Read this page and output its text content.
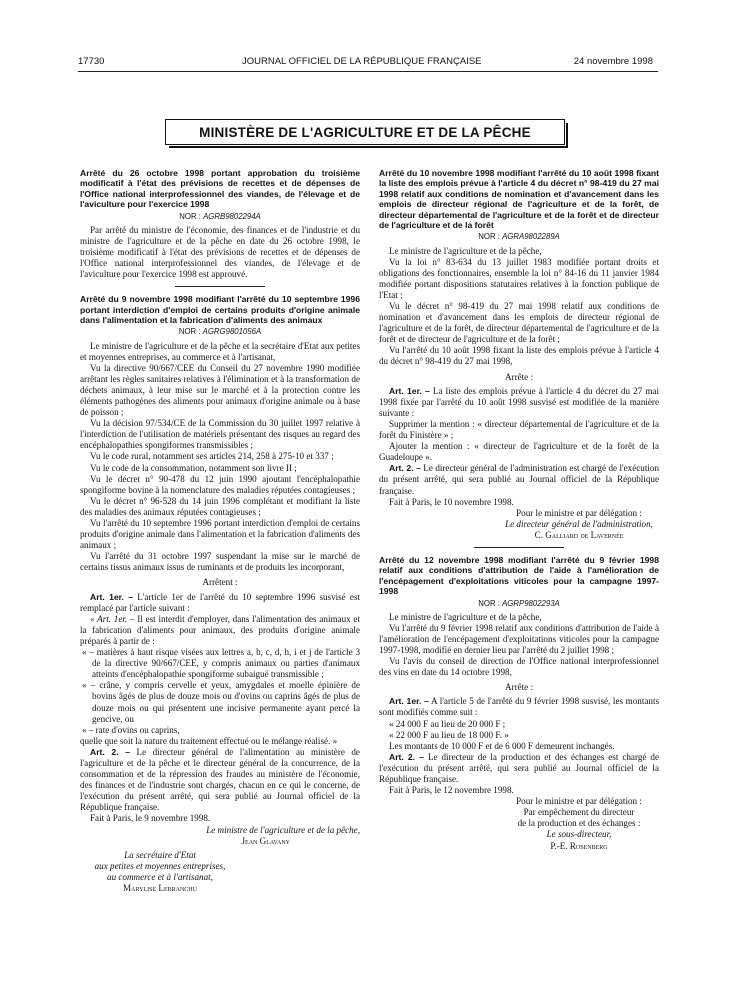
17730	JOURNAL OFFICIEL DE LA RÉPUBLIQUE FRANÇAISE	24 novembre 1998
MINISTÈRE DE L'AGRICULTURE ET DE LA PÊCHE
Arrêté du 26 octobre 1998 portant approbation du troisième modificatif à l'état des prévisions de recettes et de dépenses de l'Office national interprofessionnel des viandes, de l'élevage et de l'aviculture pour l'exercice 1998
NOR : AGRB9802294A

Par arrêté du ministre de l'économie, des finances et de l'industrie et du ministre de l'agriculture et de la pêche en date du 26 octobre 1998, le troisième modificatif à l'état des prévisions de recettes et de dépenses de l'Office national interprofessionnel des viandes, de l'élevage et de l'aviculture pour l'exercice 1998 est approuvé.

Arrêté du 9 novembre 1998 modifiant l'arrêté du 10 septembre 1996 portant interdiction d'emploi de certains produits d'origine animale dans l'alimentation et la fabrication d'aliments des animaux
NOR : AGRG9801056A

Le ministre de l'agriculture et de la pêche et la secrétaire d'Etat aux petites et moyennes entreprises, au commerce et à l'artisanat,

Vu la directive 90/667/CEE du Conseil du 27 novembre 1990 modifiée arrêtant les règles sanitaires relatives à l'élimination et à la transformation de déchets animaux, à leur mise sur le marché et à la protection contre les éléments pathogènes des aliments pour animaux d'origine animale ou à base de poisson ;

Vu la décision 97/534/CE de la Commission du 30 juillet 1997 relative à l'interdiction de l'utilisation de matériels présentant des risques au regard des encéphalopathies spongiformes transmissibles ;

Vu le code rural, notamment ses articles 214, 258 à 275-10 et 337 ;

Vu le code de la consommation, notamment son livre II ;

Vu le décret n° 90-478 du 12 juin 1990 ajoutant l'encéphalopathie spongiforme bovine à la nomenclature des maladies réputées contagieuses ;

Vu le décret n° 96-528 du 14 juin 1996 complétant et modifiant la liste des maladies des animaux réputées contagieuses ;

Vu l'arrêté du 10 septembre 1996 portant interdiction d'emploi de certains produits d'origine animale dans l'alimentation et la fabrication d'aliments des animaux ;

Vu l'arrêté du 31 octobre 1997 suspendant la mise sur le marché de certains tissus animaux issus de ruminants et de produits les incorporant,

Arrêtent :

Art. 1er. – L'article 1er de l'arrêté du 10 septembre 1996 susvisé est remplacé par l'article suivant :

« Art. 1er. – Il est interdit d'employer, dans l'alimentation des animaux et la fabrication d'aliments pour animaux, des produits d'origine animale préparés à partir de :

« – matières à haut risque visées aux lettres a, b, c, d, h, i et j de l'article 3 de la directive 90/667/CEE, y compris animaux ou parties d'animaux atteints d'encéphalopathie spongiforme subaiguë transmissible ;

« – crâne, y compris cervelle et yeux, amygdales et moelle épinière de bovins âgés de plus de douze mois ou d'ovins ou caprins âgés de plus de douze mois ou qui présentent une incisive permanente ayant percé la gencive, ou

« – rate d'ovins ou caprins,

quelle que soit la nature du traitement effectué ou le mélange réalisé. »

Art. 2. – Le directeur général de l'alimentation au ministère de l'agriculture et de la pêche et le directeur général de la concurrence, de la consommation et de la répression des fraudes au ministère de l'économie, des finances et de l'industrie sont chargés, chacun en ce qui le concerne, de l'exécution du présent arrêté, qui sera publié au Journal officiel de la République française.

Fait à Paris, le 9 novembre 1998.

Le ministre de l'agriculture et de la pêche,

Jean Glavany

La secrétaire d'Etat

aux petites et moyennes entreprises,

au commerce et à l'artisanat,

Marylise Lebranchu

Arrêté du 10 novembre 1998 modifiant l'arrêté du 10 août 1998 fixant la liste des emplois prévue à l'article 4 du décret n° 98-419 du 27 mai 1998 relatif aux conditions de nomination et d'avancement dans les emplois de directeur régional de l'agriculture et de la forêt, de directeur départemental de l'agriculture et de la forêt et de directeur de l'agriculture et de la forêt
NOR : AGRA9802289A

Le ministre de l'agriculture et de la pêche,

Vu la loi n° 83-634 du 13 juillet 1983 modifiée portant droits et obligations des fonctionnaires, ensemble la loi n° 84-16 du 11 janvier 1984 modifiée portant dispositions statutaires relatives à la fonction publique de l'Etat ;

Vu le décret n° 98-419 du 27 mai 1998 relatif aux conditions de nomination et d'avancement dans les emplois de directeur régional de l'agriculture et de la forêt, de directeur départemental de l'agriculture et de la forêt et de directeur de l'agriculture et de la forêt ;

Vu l'arrêté du 10 août 1998 fixant la liste des emplois prévue à l'article 4 du décret n° 98-419 du 27 mai 1998,

Arrête :

Art. 1er. – La liste des emplois prévue à l'article 4 du décret du 27 mai 1998 fixée par l'arrêté du 10 août 1998 susvisé est modifiée de la manière suivante :

Supprimer la mention : « directeur départemental de l'agriculture et de la forêt du Finistère » ;

Ajouter la mention : « directeur de l'agriculture et de la forêt de la Guadeloupe ».

Art. 2. – Le directeur général de l'administration est chargé de l'exécution du présent arrêté, qui sera publié au Journal officiel de la République française.

Fait à Paris, le 10 novembre 1998.

Pour le ministre et par délégation :

Le directeur général de l'administration,

C. Galliard de Lavernée

Arrêté du 12 novembre 1998 modifiant l'arrêté du 9 février 1998 relatif aux conditions d'attribution de l'aide à l'amélioration de l'encépagement d'exploitations viticoles pour la campagne 1997-1998
NOR : AGRP9802293A

Le ministre de l'agriculture et de la pêche,

Vu l'arrêté du 9 février 1998 relatif aux conditions d'attribution de l'aide à l'amélioration de l'encépagement d'exploitations viticoles pour la campagne 1997-1998, modifié en dernier lieu par l'arrêté du 2 juillet 1998 ;

Vu l'avis du conseil de direction de l'Office national interprofessionnel des vins en date du 14 octobre 1998,

Arrête :

Art. 1er. – A l'article 5 de l'arrêté du 9 février 1998 susvisé, les montants sont modifiés comme suit :

« 24 000 F au lieu de 20 000 F ;

« 22 000 F au lieu de 18 000 F. »

Les montants de 10 000 F et de 6 000 F demeurent inchangés.

Art. 2. – Le directeur de la production et des échanges est chargé de l'exécution du présent arrêté, qui sera publié au Journal officiel de la République française.

Fait à Paris, le 12 novembre 1998.

Pour le ministre et par délégation :

Par empêchement du directeur

de la production et des échanges :

Le sous-directeur,

P.-E. Rosenberg
